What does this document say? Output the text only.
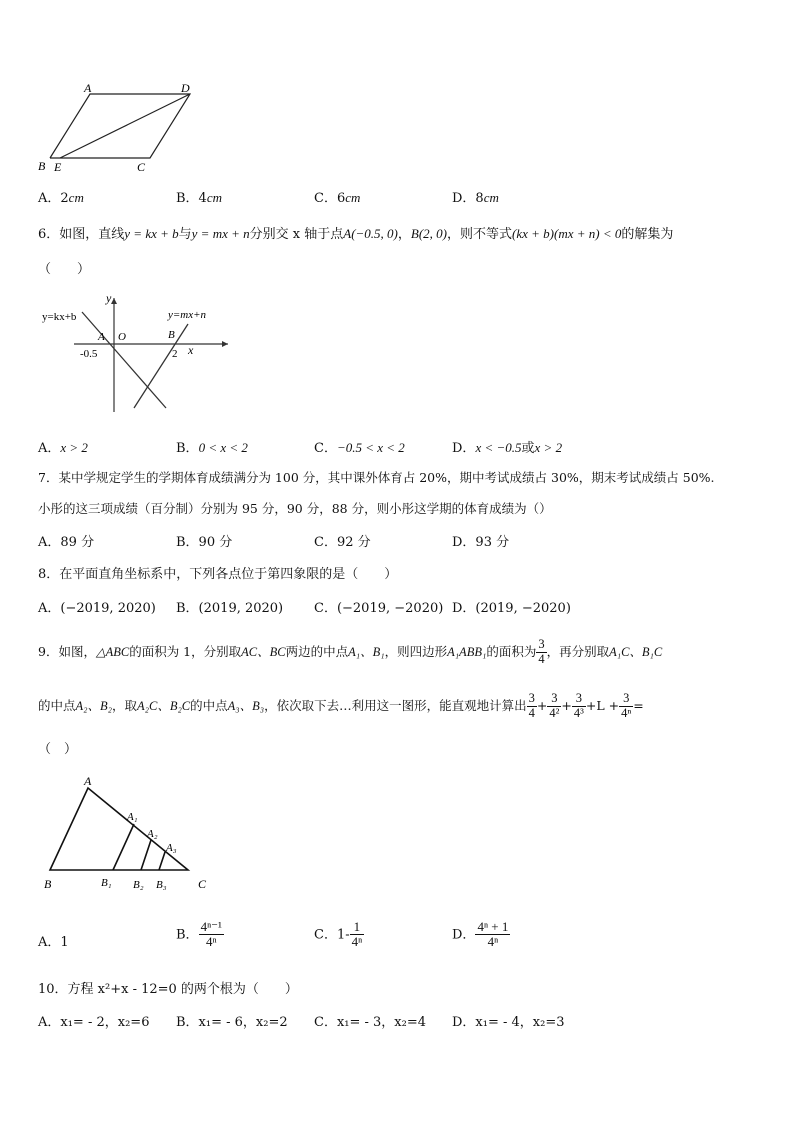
A	D
B E	C
A．2cm	B．4cm	C．6cm	D．8cm
6．如图，直线y = kx + b与y = mx + n分别交 x 轴于点A(−0.5, 0)，B(2, 0)，则不等式(kx + b)(mx + n) < 0的解集为
（　　）
y=kx+b	y=mx+n
y
x
A O	B
-0.5	2
A．x > 2	B．0 < x < 2	C．−0.5 < x < 2	D．x < −0.5或x > 2
7．某中学规定学生的学期体育成绩满分为 100 分，其中课外体育占 20%，期中考试成绩占 30%，期末考试成绩占 50%.
小彤的这三项成绩（百分制）分别为 95 分，90 分，88 分，则小彤这学期的体育成绩为（）
A．89 分	B．90 分	C．92 分	D．93 分
8．在平面直角坐标系中，下列各点位于第四象限的是（　　）
A．(−2019, 2020) B．(2019, 2020) C．(−2019, −2020) D．(2019, −2020)
9．如图，△ABC的面积为 1，分别取AC、BC两边的中点A₁、B₁，则四边形A₁ABB₁的面积为 $\frac{3}{4}$ ，再分别取A₁C、B₁C
的中点A₂、B₂，取A₂C、B₂C的中点A₃、B₃，依次取下去…利用这一图形，能直观地计算出 $\frac{3}{4} + \frac{3}{\text{4²}} + \frac{3}{\text{4³}} +L + \frac{3}{\text{4ⁿ}}$ =
（　）
A
A₁
A₂
A₃
B	B₁ B₂ B₃	C
A．1
B． $\frac{\text{4ⁿ⁻¹}}{\text{4ⁿ}}$	C．$1- \frac{1}{\text{4ⁿ}}$	D． $\frac{\text{4ⁿ + 1}}{\text{4ⁿ}}$
10．方程 x²+x - 12=0 的两个根为（　　）
A．x₁= - 2，x₂=6 B．x₁= - 6，x₂=2 C．x₁= - 3，x₂=4 D．x₁= - 4，x₂=3
